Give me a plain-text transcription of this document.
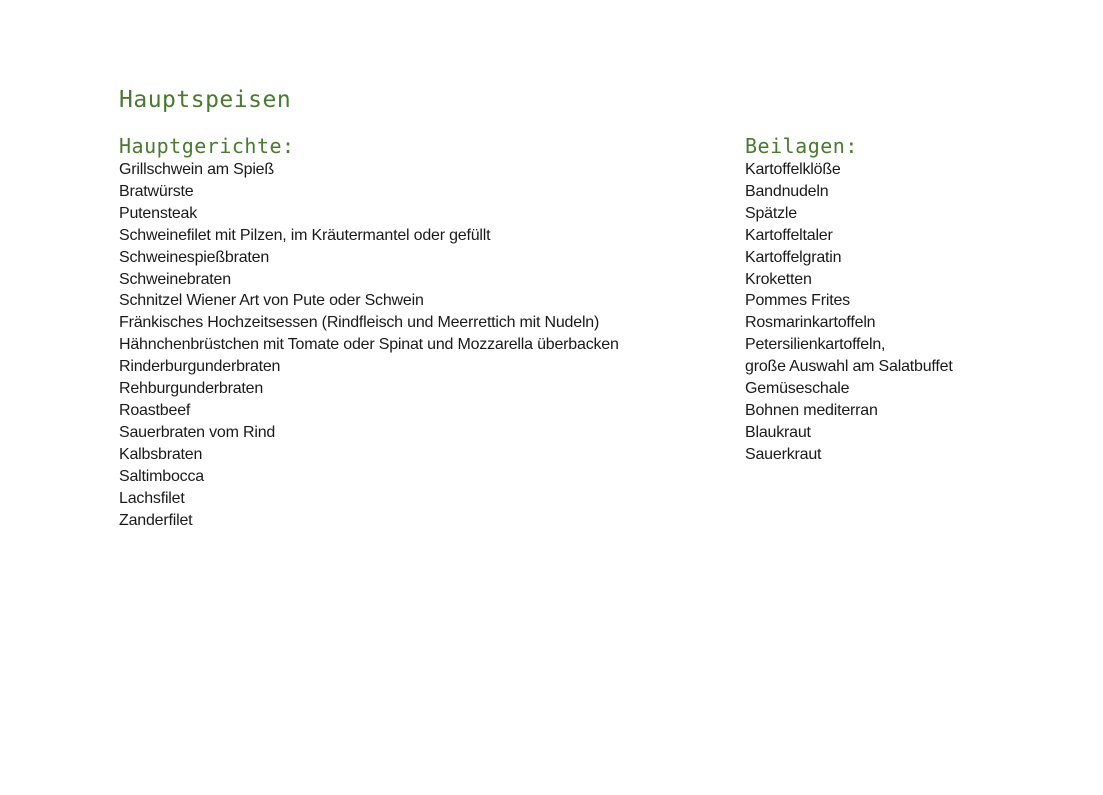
Hauptspeisen
Hauptgerichte:
Grillschwein am Spieß
Bratwürste
Putensteak
Schweinefilet mit Pilzen, im Kräutermantel oder gefüllt
Schweinespießbraten
Schweinebraten
Schnitzel Wiener Art von Pute oder Schwein
Fränkisches Hochzeitsessen (Rindfleisch und Meerrettich mit Nudeln)
Hähnchenbrüstchen mit Tomate oder Spinat und Mozzarella überbacken
Rinderburgunderbraten
Rehburgunderbraten
Roastbeef
Sauerbraten vom Rind
Kalbsbraten
Saltimbocca
Lachsfilet
Zanderfilet
Beilagen:
Kartoffelklöße
Bandnudeln
Spätzle
Kartoffeltaler
Kartoffelgratin
Kroketten
Pommes Frites
Rosmarinkartoffeln
Petersilienkartoffeln,
große Auswahl am Salatbuffet
Gemüseschale
Bohnen mediterran
Blaukraut
Sauerkraut
